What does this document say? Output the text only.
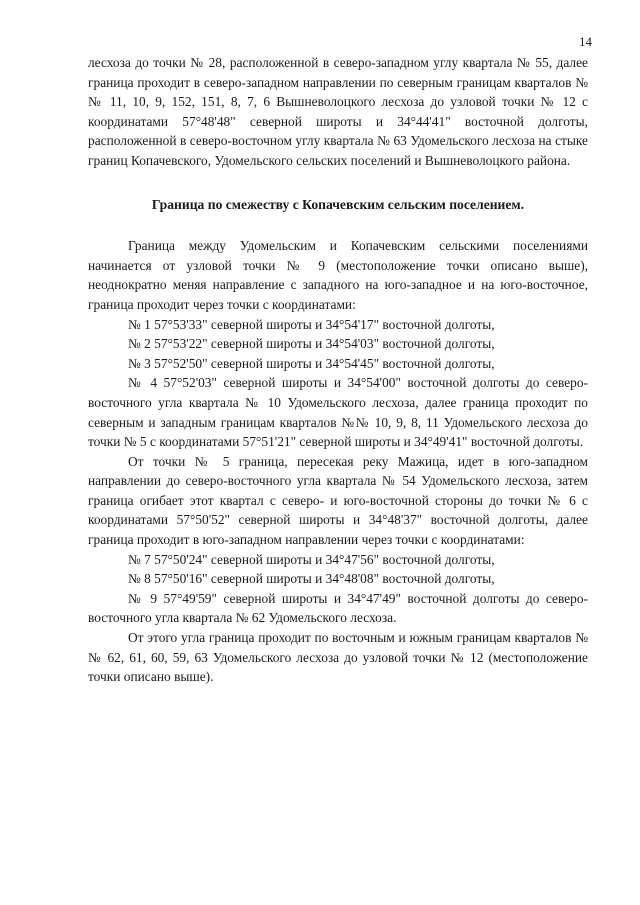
14

лесхоза до точки № 28, расположенной в северо-западном углу квартала № 55, далее граница проходит в северо-западном направлении по северным границам кварталов №№ 11, 10, 9, 152, 151, 8, 7, 6 Вышневолоцкого лесхоза до узловой точки № 12 с координатами 57°48'48" северной широты и 34°44'41" восточной долготы, расположенной в северо-восточном углу квартала № 63 Удомельского лесхоза на стыке границ Копачевского, Удомельского сельских поселений и Вышневолоцкого района.

Граница по смежеству с Копачевским сельским поселением.

Граница между Удомельским и Копачевским сельскими поселениями начинается от узловой точки № 9 (местоположение точки описано выше), неоднократно меняя направление с западного на юго-западное и на юго-восточное, граница проходит через точки с координатами:

№ 1 57°53'33" северной широты и 34°54'17" восточной долготы,

№ 2 57°53'22" северной широты и 34°54'03" восточной долготы,

№ 3 57°52'50" северной широты и 34°54'45" восточной долготы,

№ 4 57°52'03" северной широты и 34°54'00" восточной долготы до северо-восточного угла квартала № 10 Удомельского лесхоза, далее граница проходит по северным и западным границам кварталов №№ 10, 9, 8, 11 Удомельского лесхоза до точки № 5 с координатами 57°51'21" северной широты и 34°49'41" восточной долготы.

От точки № 5 граница, пересекая реку Мажица, идет в юго-западном направлении до северо-восточного угла квартала № 54 Удомельского лесхоза, затем граница огибает этот квартал с северо- и юго-восточной стороны до точки № 6 с координатами 57°50'52" северной широты и 34°48'37" восточной долготы, далее граница проходит в юго-западном направлении через точки с координатами:

№ 7 57°50'24" северной широты и 34°47'56" восточной долготы,

№ 8 57°50'16" северной широты и 34°48'08" восточной долготы,

№ 9 57°49'59" северной широты и 34°47'49" восточной долготы до северо-восточного угла квартала № 62 Удомельского лесхоза.

От этого угла граница проходит по восточным и южным границам кварталов №№ 62, 61, 60, 59, 63 Удомельского лесхоза до узловой точки № 12 (местоположение точки описано выше).
